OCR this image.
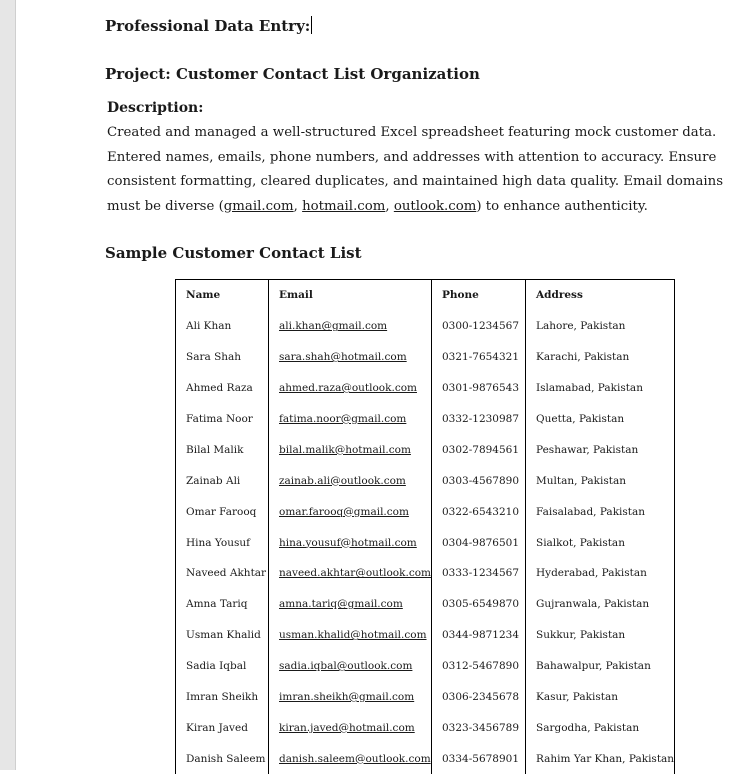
Professional Data Entry:
Project: Customer Contact List Organization
Description:
Created and managed a well-structured Excel spreadsheet featuring mock customer data. Entered names, emails, phone numbers, and addresses with attention to accuracy. Ensure consistent formatting, cleared duplicates, and maintained high data quality. Email domains must be diverse (gmail.com, hotmail.com, outlook.com) to enhance authenticity.
Sample Customer Contact List
Name	Email	Phone	Address
Ali Khan	ali.khan@gmail.com	0300-1234567	Lahore, Pakistan
Sara Shah	sara.shah@hotmail.com	0321-7654321	Karachi, Pakistan
Ahmed Raza	ahmed.raza@outlook.com	0301-9876543	Islamabad, Pakistan
Fatima Noor	fatima.noor@gmail.com	0332-1230987	Quetta, Pakistan
Bilal Malik	bilal.malik@hotmail.com	0302-7894561	Peshawar, Pakistan
Zainab Ali	zainab.ali@outlook.com	0303-4567890	Multan, Pakistan
Omar Farooq	omar.farooq@gmail.com	0322-6543210	Faisalabad, Pakistan
Hina Yousuf	hina.yousuf@hotmail.com	0304-9876501	Sialkot, Pakistan
Naveed Akhtar	naveed.akhtar@outlook.com	0333-1234567	Hyderabad, Pakistan
Amna Tariq	amna.tariq@gmail.com	0305-6549870	Gujranwala, Pakistan
Usman Khalid	usman.khalid@hotmail.com	0344-9871234	Sukkur, Pakistan
Sadia Iqbal	sadia.iqbal@outlook.com	0312-5467890	Bahawalpur, Pakistan
Imran Sheikh	imran.sheikh@gmail.com	0306-2345678	Kasur, Pakistan
Kiran Javed	kiran.javed@hotmail.com	0323-3456789	Sargodha, Pakistan
Danish Saleem	danish.saleem@outlook.com	0334-5678901	Rahim Yar Khan, Pakistan
